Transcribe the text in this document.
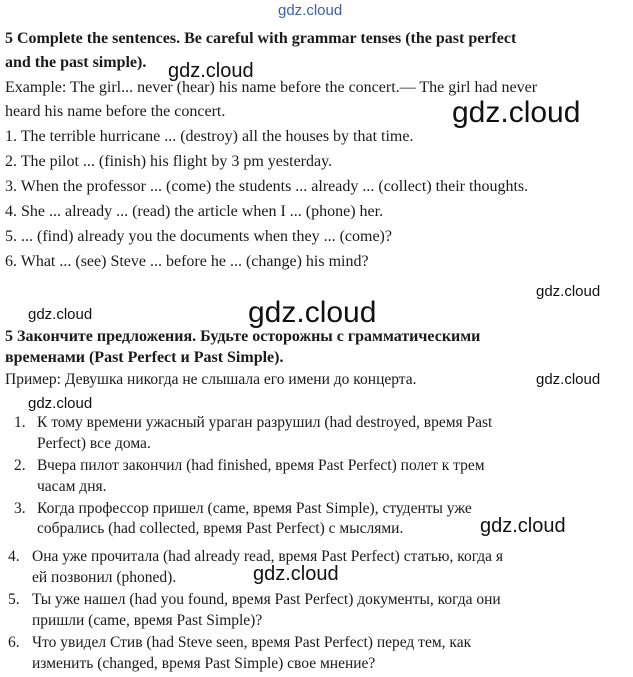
5 Complete the sentences. Be careful with grammar tenses (the past perfect
and the past simple).
Example: The girl... never (hear) his name before the concert.— The girl had never
heard his name before the concert.
1. The terrible hurricane ... (destroy) all the houses by that time.
2. The pilot ... (finish) his flight by 3 pm yesterday.
3. When the professor ... (come) the students ... already ... (collect) their thoughts.
4. She ... already ... (read) the article when I ... (phone) her.
5. ... (find) already you the documents when they ... (come)?
6. What ... (see) Steve ... before he ... (change) his mind?
5 Закончите предложения. Будьте осторожны с грамматическими
временами (Past Perfect и Past Simple).
Пример: Девушка никогда не слышала его имени до концерта.
1. К тому времени ужасный ураган разрушил (had destroyed, время Past
Perfect) все дома.
2. Вчера пилот закончил (had finished, время Past Perfect) полет к трем
часам дня.
3. Когда профессор пришел (came, время Past Simple), студенты уже
собрались (had collected, время Past Perfect) с мыслями.
4. Она уже прочитала (had already read, время Past Perfect) статью, когда я
ей позвонил (phoned).
5. Ты уже нашел (had you found, время Past Perfect) документы, когда они
пришли (came, время Past Simple)?
6. Что увидел Стив (had Steve seen, время Past Perfect) перед тем, как
изменить (changed, время Past Simple) свое мнение?
gdz.cloud
gdz.cloud
gdz.cloud
gdz.cloud
gdz.cloud	gdz.cloud
gdz.cloud
gdz.cloud
gdz.cloud
gdz.cloud
